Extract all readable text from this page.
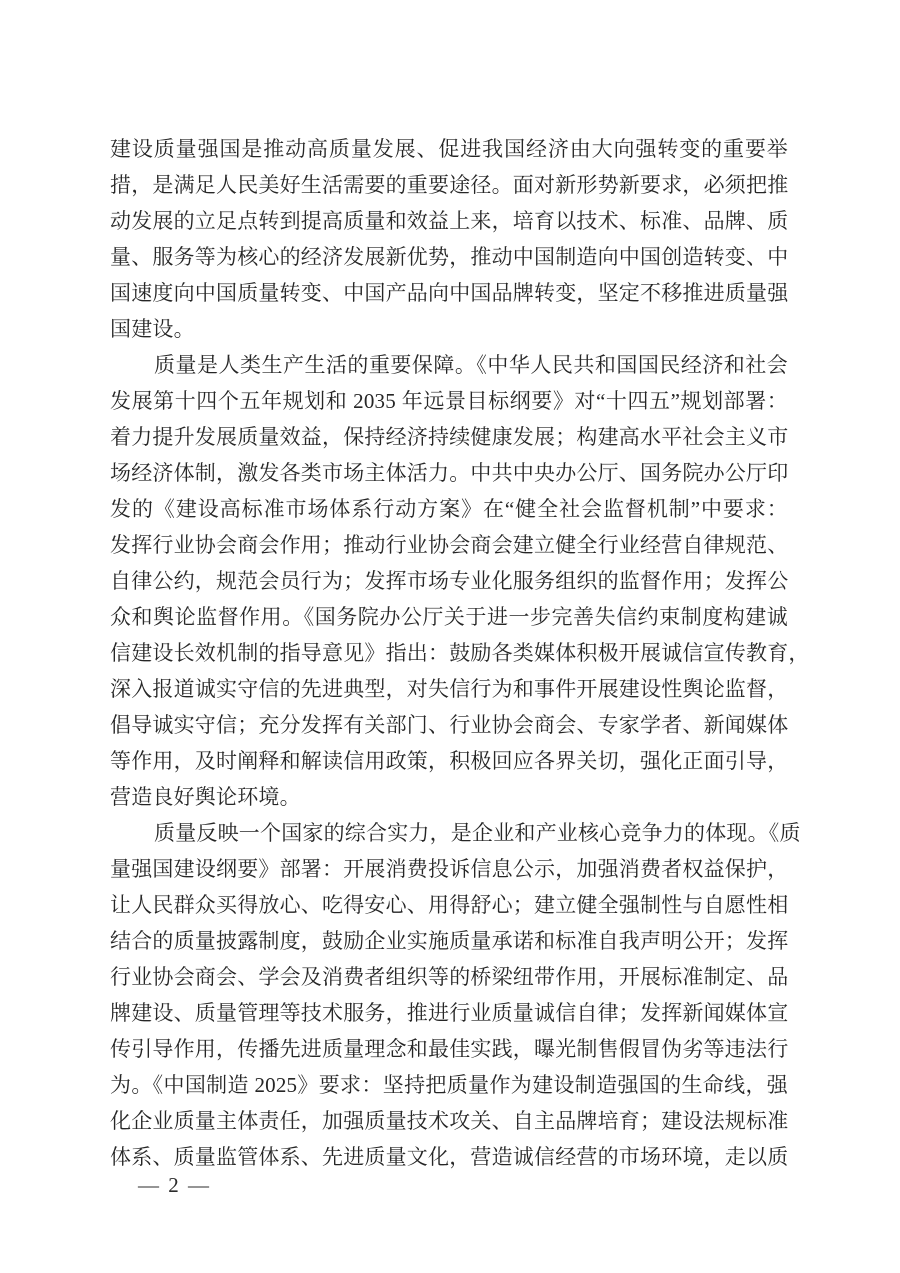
建设质量强国是推动高质量发展、促进我国经济由大向强转变的重要举
措，是满足人民美好生活需要的重要途径。面对新形势新要求，必须把推
动发展的立足点转到提高质量和效益上来，培育以技术、标准、品牌、质
量、服务等为核心的经济发展新优势，推动中国制造向中国创造转变、中
国速度向中国质量转变、中国产品向中国品牌转变，坚定不移推进质量强
国建设。
质量是人类生产生活的重要保障。《中华人民共和国国民经济和社会
发展第十四个五年规划和 2035 年远景目标纲要》对“十四五”规划部署：
着力提升发展质量效益，保持经济持续健康发展；构建高水平社会主义市
场经济体制，激发各类市场主体活力。中共中央办公厅、国务院办公厅印
发的《建设高标准市场体系行动方案》在“健全社会监督机制”中要求：
发挥行业协会商会作用；推动行业协会商会建立健全行业经营自律规范、
自律公约，规范会员行为；发挥市场专业化服务组织的监督作用；发挥公
众和舆论监督作用。《国务院办公厅关于进一步完善失信约束制度构建诚
信建设长效机制的指导意见》指出：鼓励各类媒体积极开展诚信宣传教育，
深入报道诚实守信的先进典型，对失信行为和事件开展建设性舆论监督，
倡导诚实守信；充分发挥有关部门、行业协会商会、专家学者、新闻媒体
等作用，及时阐释和解读信用政策，积极回应各界关切，强化正面引导，
营造良好舆论环境。
质量反映一个国家的综合实力，是企业和产业核心竞争力的体现。《质
量强国建设纲要》部署：开展消费投诉信息公示，加强消费者权益保护，
让人民群众买得放心、吃得安心、用得舒心；建立健全强制性与自愿性相
结合的质量披露制度，鼓励企业实施质量承诺和标准自我声明公开；发挥
行业协会商会、学会及消费者组织等的桥梁纽带作用，开展标准制定、品
牌建设、质量管理等技术服务，推进行业质量诚信自律；发挥新闻媒体宣
传引导作用，传播先进质量理念和最佳实践，曝光制售假冒伪劣等违法行
为。《中国制造 2025》要求：坚持把质量作为建设制造强国的生命线，强
化企业质量主体责任，加强质量技术攻关、自主品牌培育；建设法规标准
体系、质量监管体系、先进质量文化，营造诚信经营的市场环境，走以质
— 2 —
